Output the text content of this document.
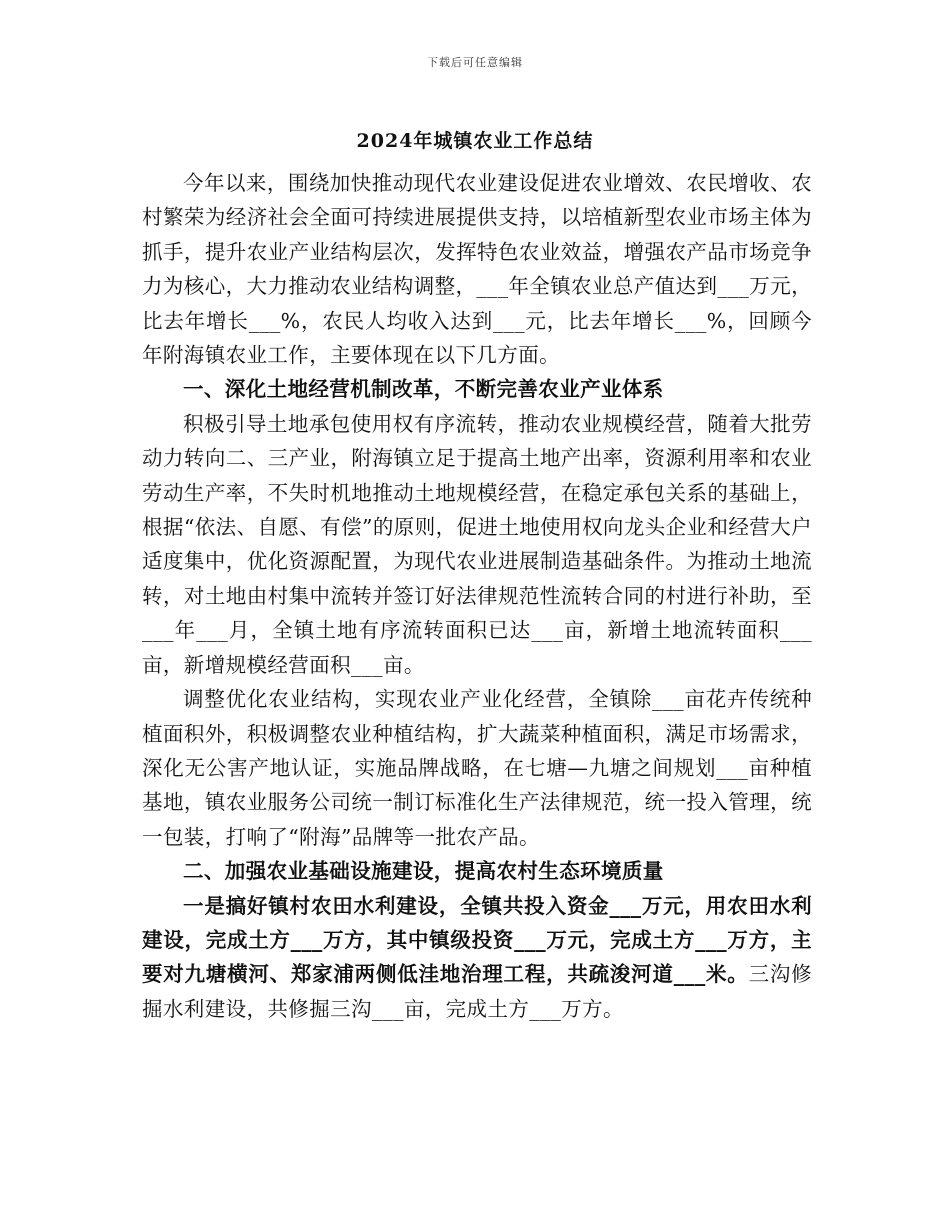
下载后可任意编辑
2024年城镇农业工作总结

今年以来，围绕加快推动现代农业建设促进农业增效、农民增收、农村繁荣为经济社会全面可持续进展提供支持，以培植新型农业市场主体为抓手，提升农业产业结构层次，发挥特色农业效益，增强农产品市场竞争力为核心，大力推动农业结构调整，___年全镇农业总产值达到___万元，比去年增长___%，农民人均收入达到___元，比去年增长___%，回顾今年附海镇农业工作，主要体现在以下几方面。

一、深化土地经营机制改革，不断完善农业产业体系

积极引导土地承包使用权有序流转，推动农业规模经营，随着大批劳动力转向二、三产业，附海镇立足于提高土地产出率，资源利用率和农业劳动生产率，不失时机地推动土地规模经营，在稳定承包关系的基础上，根据“依法、自愿、有偿”的原则，促进土地使用权向龙头企业和经营大户适度集中，优化资源配置，为现代农业进展制造基础条件。为推动土地流转，对土地由村集中流转并签订好法律规范性流转合同的村进行补助，至___年___月，全镇土地有序流转面积已达___亩，新增土地流转面积___亩，新增规模经营面积___亩。

调整优化农业结构，实现农业产业化经营，全镇除___亩花卉传统种植面积外，积极调整农业种植结构，扩大蔬菜种植面积，满足市场需求，深化无公害产地认证，实施品牌战略，在七塘—九塘之间规划___亩种植基地，镇农业服务公司统一制订标准化生产法律规范，统一投入管理，统一包装，打响了“附海”品牌等一批农产品。

二、加强农业基础设施建设，提高农村生态环境质量

一是搞好镇村农田水利建设，全镇共投入资金___万元，用农田水利建设，完成土方___万方，其中镇级投资___万元，完成土方___万方，主要对九塘横河、郑家浦两侧低洼地治理工程，共疏浚河道___米。三沟修掘水利建设，共修掘三沟___亩，完成土方___万方。
